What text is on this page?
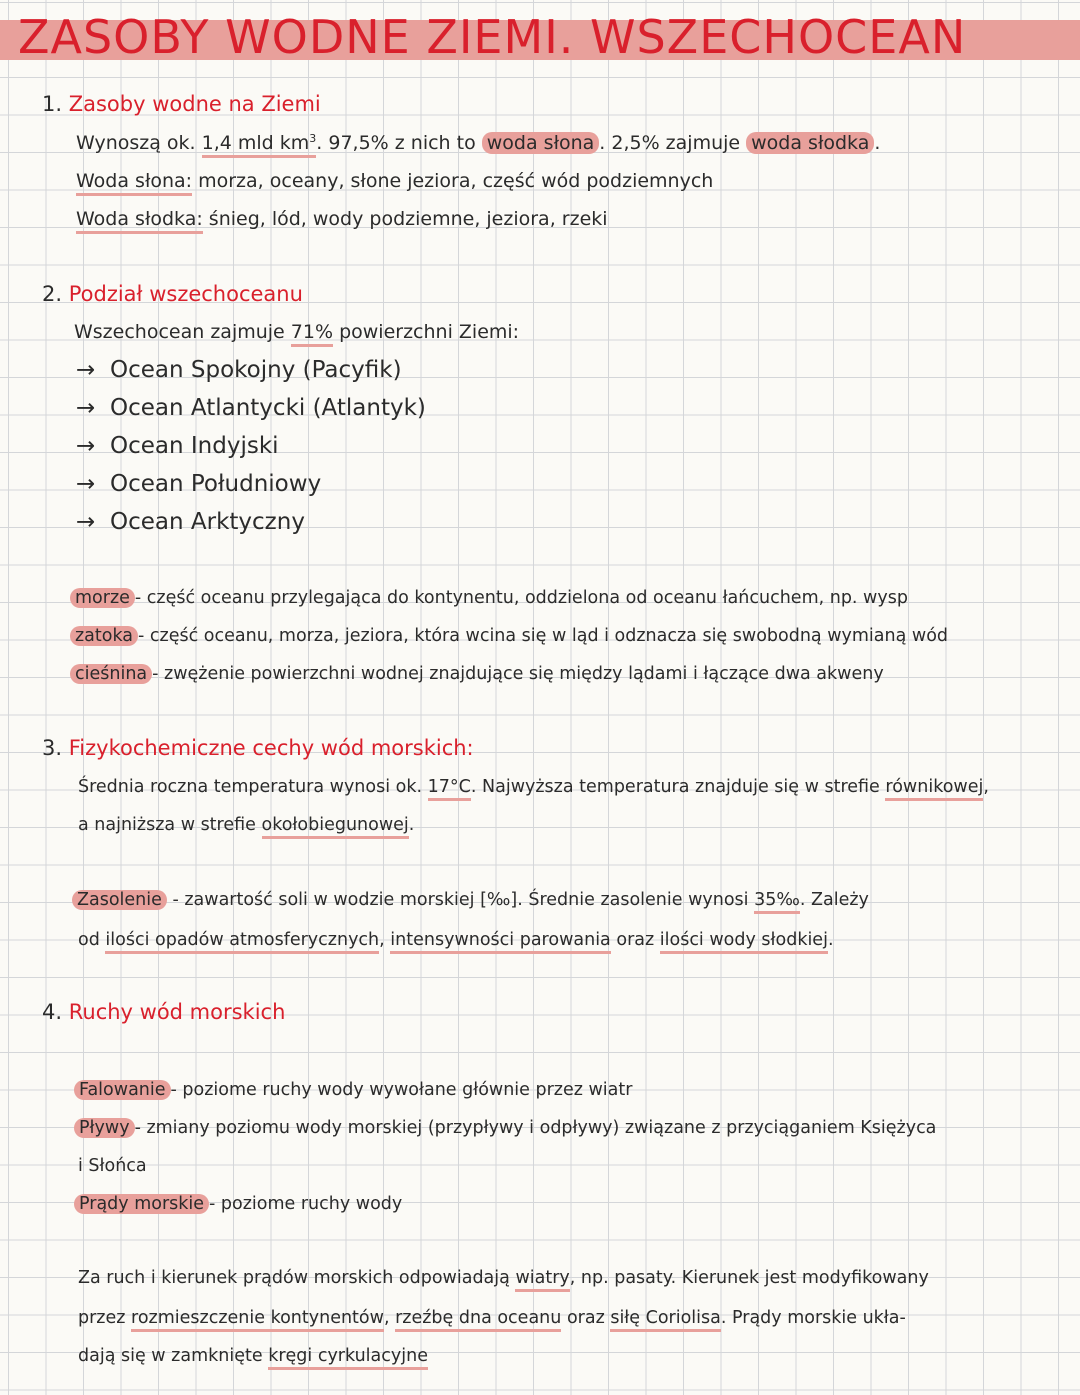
ZASOBY WODNE ZIEMI. WSZECHOCEAN
1. Zasoby wodne na Ziemi
Wynoszą ok. 1,4 mld $km^3$. 97,5% z nich to woda słona . 2,5% zajmuje woda słodka .
Woda słona: morza, oceany, słone jeziora, część wód podziemnych
Woda słodka: śnieg, lód, wody podziemne, jeziora, rzeki
2. Podział wszechoceanu
Wszechocean zajmuje 71% powierzchni Ziemi:
→ Ocean Spokojny (Pacyfik)
→ Ocean Atlantycki (Atlantyk)
→ Ocean Indyjski
→ Ocean Południowy
→ Ocean Arktyczny
morze - część oceanu przylegająca do kontynentu, oddzielona od oceanu łańcuchem, np. wysp
zatoka - część oceanu, morza, jeziora, która wcina się w ląd i odznacza się swobodną wymianą wód
cieśnina - zwężenie powierzchni wodnej znajdujące się między lądami i łączące dwa akweny
3. Fizykochemiczne cechy wód morskich:
Średnia roczna temperatura wynosi ok. 17°C. Najwyższa temperatura znajduje się w strefie równikowej,
a najniższa w strefie okołobiegunowej.
Zasolenie - zawartość soli w wodzie morskiej [‰]. Średnie zasolenie wynosi 35‰. Zależy
od ilości opadów atmosferycznych, intensywności parowania oraz ilości wody słodkiej.
4. Ruchy wód morskich
Falowanie - poziome ruchy wody wywołane głównie przez wiatr
Pływy - zmiany poziomu wody morskiej (przypływy i odpływy) związane z przyciąganiem Księżyca
i Słońca
Prądy morskie - poziome ruchy wody
Za ruch i kierunek prądów morskich odpowiadają wiatry, np. pasaty. Kierunek jest modyfikowany
przez rozmieszczenie kontynentów, rzeźbę dna oceanu oraz siłę Coriolisa. Prądy morskie ukła-
dają się w zamknięte kręgi cyrkulacyjne
